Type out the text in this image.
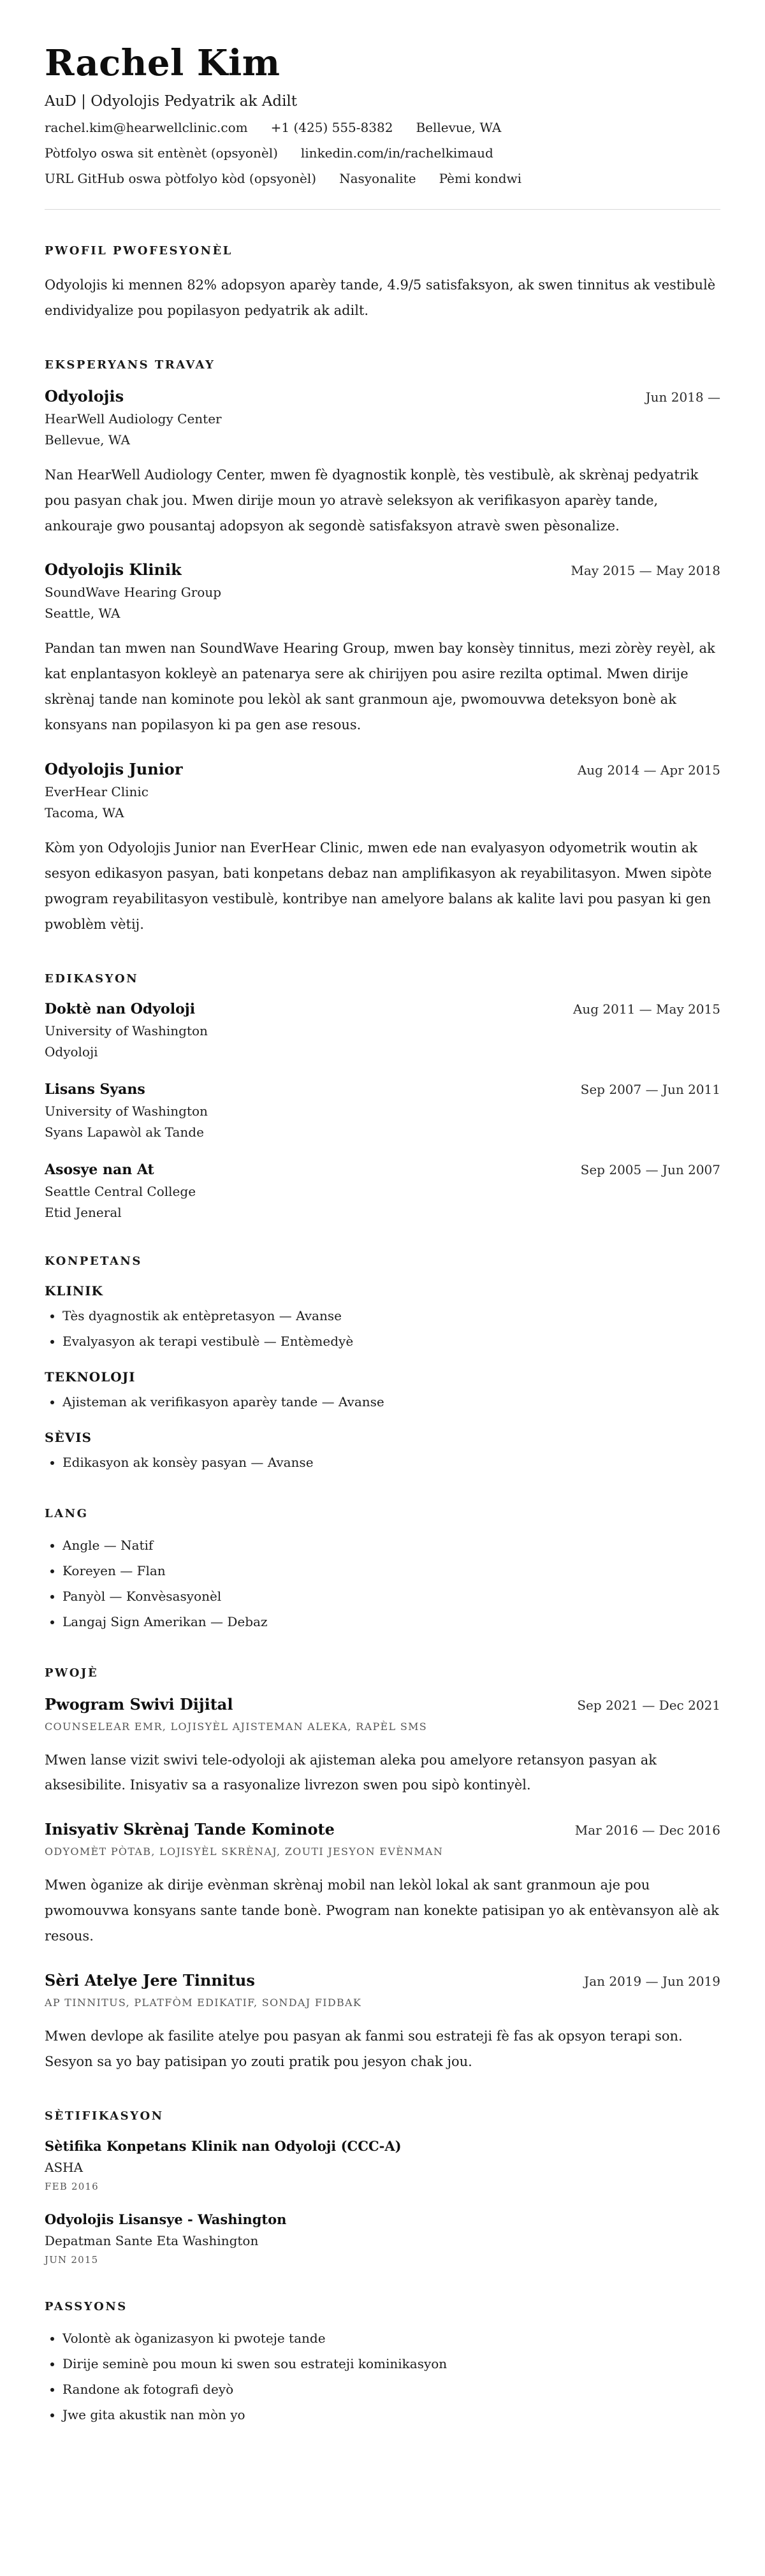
Rachel Kim
AuD | Odyolojis Pedyatrik ak Adilt
rachel.kim@hearwellclinic.com +1 (425) 555-8382 Bellevue, WA
Pòtfolyo oswa sit entènèt (opsyonèl) linkedin.com/in/rachelkimaud
URL GitHub oswa pòtfolyo kòd (opsyonèl) Nasyonalite Pèmi kondwi
PWOFIL PWOFESYONÈL

Odyolojis ki mennen 82% adopsyon aparèy tande, 4.9/5 satisfaksyon, ak swen tinnitus ak vestibulè endividyalize pou popilasyon pedyatrik ak adilt.

EKSPERYANS TRAVAY
Odyolojis	Jun 2018 —
HearWell Audiology Center
Bellevue, WA

Nan HearWell Audiology Center, mwen fè dyagnostik konplè, tès vestibulè, ak skrènaj pedyatrik pou pasyan chak jou. Mwen dirije moun yo atravè seleksyon ak verifikasyon aparèy tande, ankouraje gwo pousantaj adopsyon ak segondè satisfaksyon atravè swen pèsonalize.

Odyolojis Klinik	May 2015 — May 2018
SoundWave Hearing Group
Seattle, WA

Pandan tan mwen nan SoundWave Hearing Group, mwen bay konsèy tinnitus, mezi zòrèy reyèl, ak kat enplantasyon kokleyè an patenarya sere ak chirijyen pou asire rezilta optimal. Mwen dirije skrènaj tande nan kominote pou lekòl ak sant granmoun aje, pwomouvwa deteksyon bonè ak konsyans nan popilasyon ki pa gen ase resous.

Odyolojis Junior	Aug 2014 — Apr 2015
EverHear Clinic
Tacoma, WA

Kòm yon Odyolojis Junior nan EverHear Clinic, mwen ede nan evalyasyon odyometrik woutin ak sesyon edikasyon pasyan, bati konpetans debaz nan amplifikasyon ak reyabilitasyon. Mwen sipòte pwogram reyabilitasyon vestibulè, kontribye nan amelyore balans ak kalite lavi pou pasyan ki gen pwoblèm vètij.

EDIKASYON
Doktè nan Odyoloji	Aug 2011 — May 2015
University of Washington
Odyoloji
Lisans Syans	Sep 2007 — Jun 2011
University of Washington
Syans Lapawòl ak Tande
Asosye nan At	Sep 2005 — Jun 2007
Seattle Central College
Etid Jeneral
KONPETANS
KLINIK
• Tès dyagnostik ak entèpretasyon — Avanse
• Evalyasyon ak terapi vestibulè — Entèmedyè
TEKNOLOJI
• Ajisteman ak verifikasyon aparèy tande — Avanse
SÈVIS
• Edikasyon ak konsèy pasyan — Avanse
LANG
• Angle — Natif
• Koreyen — Flan
• Panyòl — Konvèsasyonèl
• Langaj Sign Amerikan — Debaz
PWOJÈ
Pwogram Swivi Dijital	Sep 2021 — Dec 2021
COUNSELEAR EMR, LOJISYÈL AJISTEMAN ALEKA, RAPÈL SMS

Mwen lanse vizit swivi tele-odyoloji ak ajisteman aleka pou amelyore retansyon pasyan ak aksesibilite. Inisyativ sa a rasyonalize livrezon swen pou sipò kontinyèl.

Inisyativ Skrènaj Tande Kominote	Mar 2016 — Dec 2016
ODYOMÈT PÒTAB, LOJISYÈL SKRÈNAJ, ZOUTI JESYON EVÈNMAN

Mwen òganize ak dirije evènman skrènaj mobil nan lekòl lokal ak sant granmoun aje pou pwomouvwa konsyans sante tande bonè. Pwogram nan konekte patisipan yo ak entèvansyon alè ak resous.

Sèri Atelye Jere Tinnitus	Jan 2019 — Jun 2019
AP TINNITUS, PLATFÒM EDIKATIF, SONDAJ FIDBAK

Mwen devlope ak fasilite atelye pou pasyan ak fanmi sou estrateji fè fas ak opsyon terapi son. Sesyon sa yo bay patisipan yo zouti pratik pou jesyon chak jou.

SÈTIFIKASYON
Sètifika Konpetans Klinik nan Odyoloji (CCC-A)
ASHA
FEB 2016
Odyolojis Lisansye - Washington
Depatman Sante Eta Washington
JUN 2015
PASSYONS
• Volontè ak òganizasyon ki pwoteje tande
• Dirije seminè pou moun ki swen sou estrateji kominikasyon
• Randone ak fotografi deyò
• Jwe gita akustik nan mòn yo
